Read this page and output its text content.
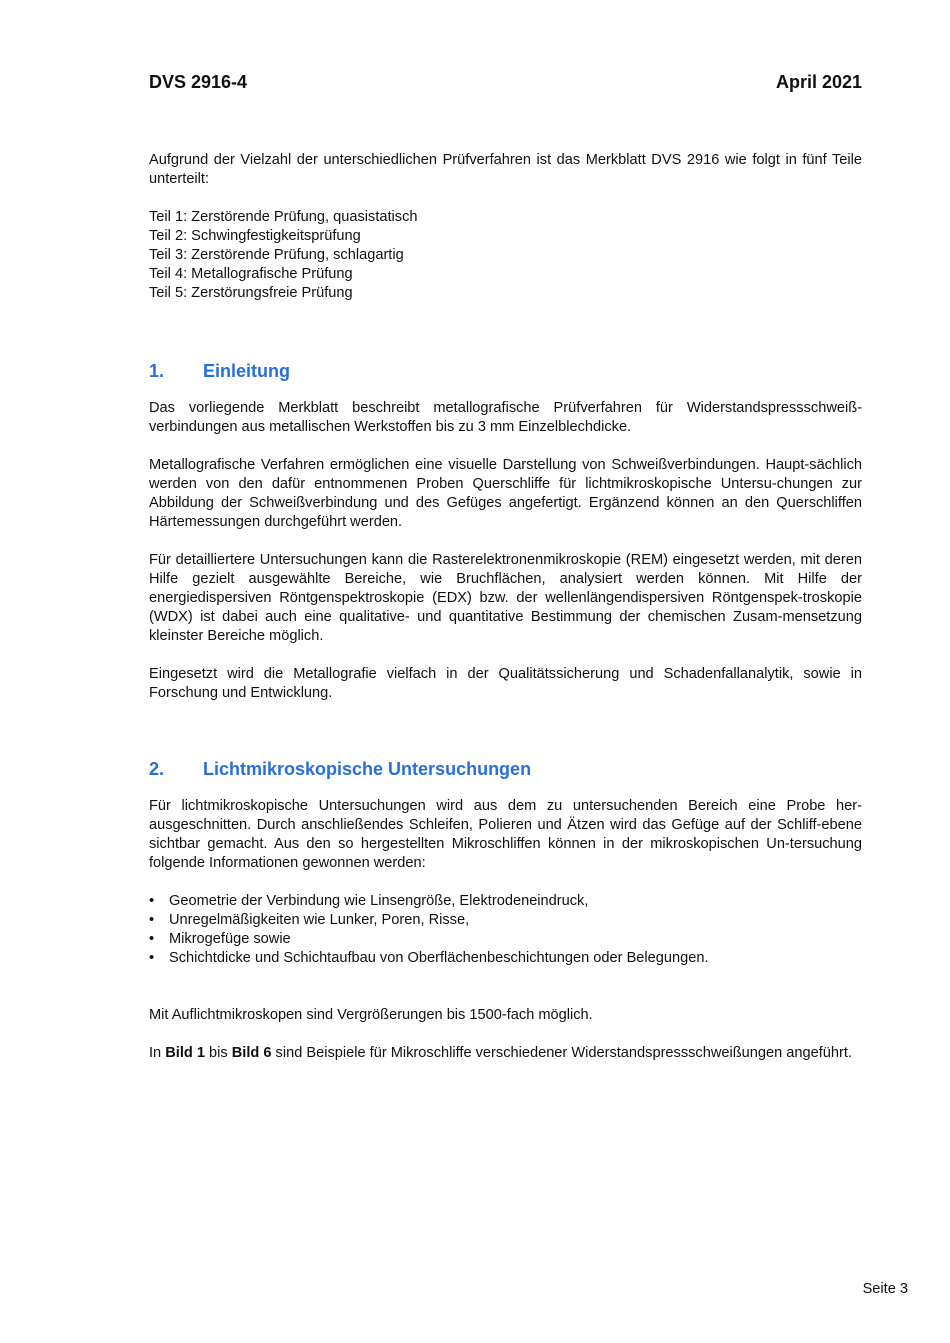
DVS 2916-4	April 2021

Aufgrund der Vielzahl der unterschiedlichen Prüfverfahren ist das Merkblatt DVS 2916 wie folgt in fünf Teile unterteilt:

Teil 1: Zerstörende Prüfung, quasistatisch
Teil 2: Schwingfestigkeitsprüfung
Teil 3: Zerstörende Prüfung, schlagartig
Teil 4: Metallografische Prüfung
Teil 5: Zerstörungsfreie Prüfung
1.	Einleitung

Das vorliegende Merkblatt beschreibt metallografische Prüfverfahren für Widerstandspressschweiß-verbindungen aus metallischen Werkstoffen bis zu 3 mm Einzelblechdicke.

Metallografische Verfahren ermöglichen eine visuelle Darstellung von Schweißverbindungen. Haupt-sächlich werden von den dafür entnommenen Proben Querschliffe für lichtmikroskopische Untersu-chungen zur Abbildung der Schweißverbindung und des Gefüges angefertigt. Ergänzend können an den Querschliffen Härtemessungen durchgeführt werden.

Für detailliertere Untersuchungen kann die Rasterelektronenmikroskopie (REM) eingesetzt werden, mit deren Hilfe gezielt ausgewählte Bereiche, wie Bruchflächen, analysiert werden können. Mit Hilfe der energiedispersiven Röntgenspektroskopie (EDX) bzw. der wellenlängendispersiven Röntgenspek-troskopie (WDX) ist dabei auch eine qualitative- und quantitative Bestimmung der chemischen Zusam-mensetzung kleinster Bereiche möglich.

Eingesetzt wird die Metallografie vielfach in der Qualitätssicherung und Schadenfallanalytik, sowie in Forschung und Entwicklung.

2.	Lichtmikroskopische Untersuchungen

Für lichtmikroskopische Untersuchungen wird aus dem zu untersuchenden Bereich eine Probe her-ausgeschnitten. Durch anschließendes Schleifen, Polieren und Ätzen wird das Gefüge auf der Schliff-ebene sichtbar gemacht. Aus den so hergestellten Mikroschliffen können in der mikroskopischen Un-tersuchung folgende Informationen gewonnen werden:

• Geometrie der Verbindung wie Linsengröße, Elektrodeneindruck,
• Unregelmäßigkeiten wie Lunker, Poren, Risse,
• Mikrogefüge sowie
• Schichtdicke und Schichtaufbau von Oberflächenbeschichtungen oder Belegungen.

Mit Auflichtmikroskopen sind Vergrößerungen bis 1500-fach möglich.

In Bild 1 bis Bild 6 sind Beispiele für Mikroschliffe verschiedener Widerstandspressschweißungen angeführt.

Seite 3
